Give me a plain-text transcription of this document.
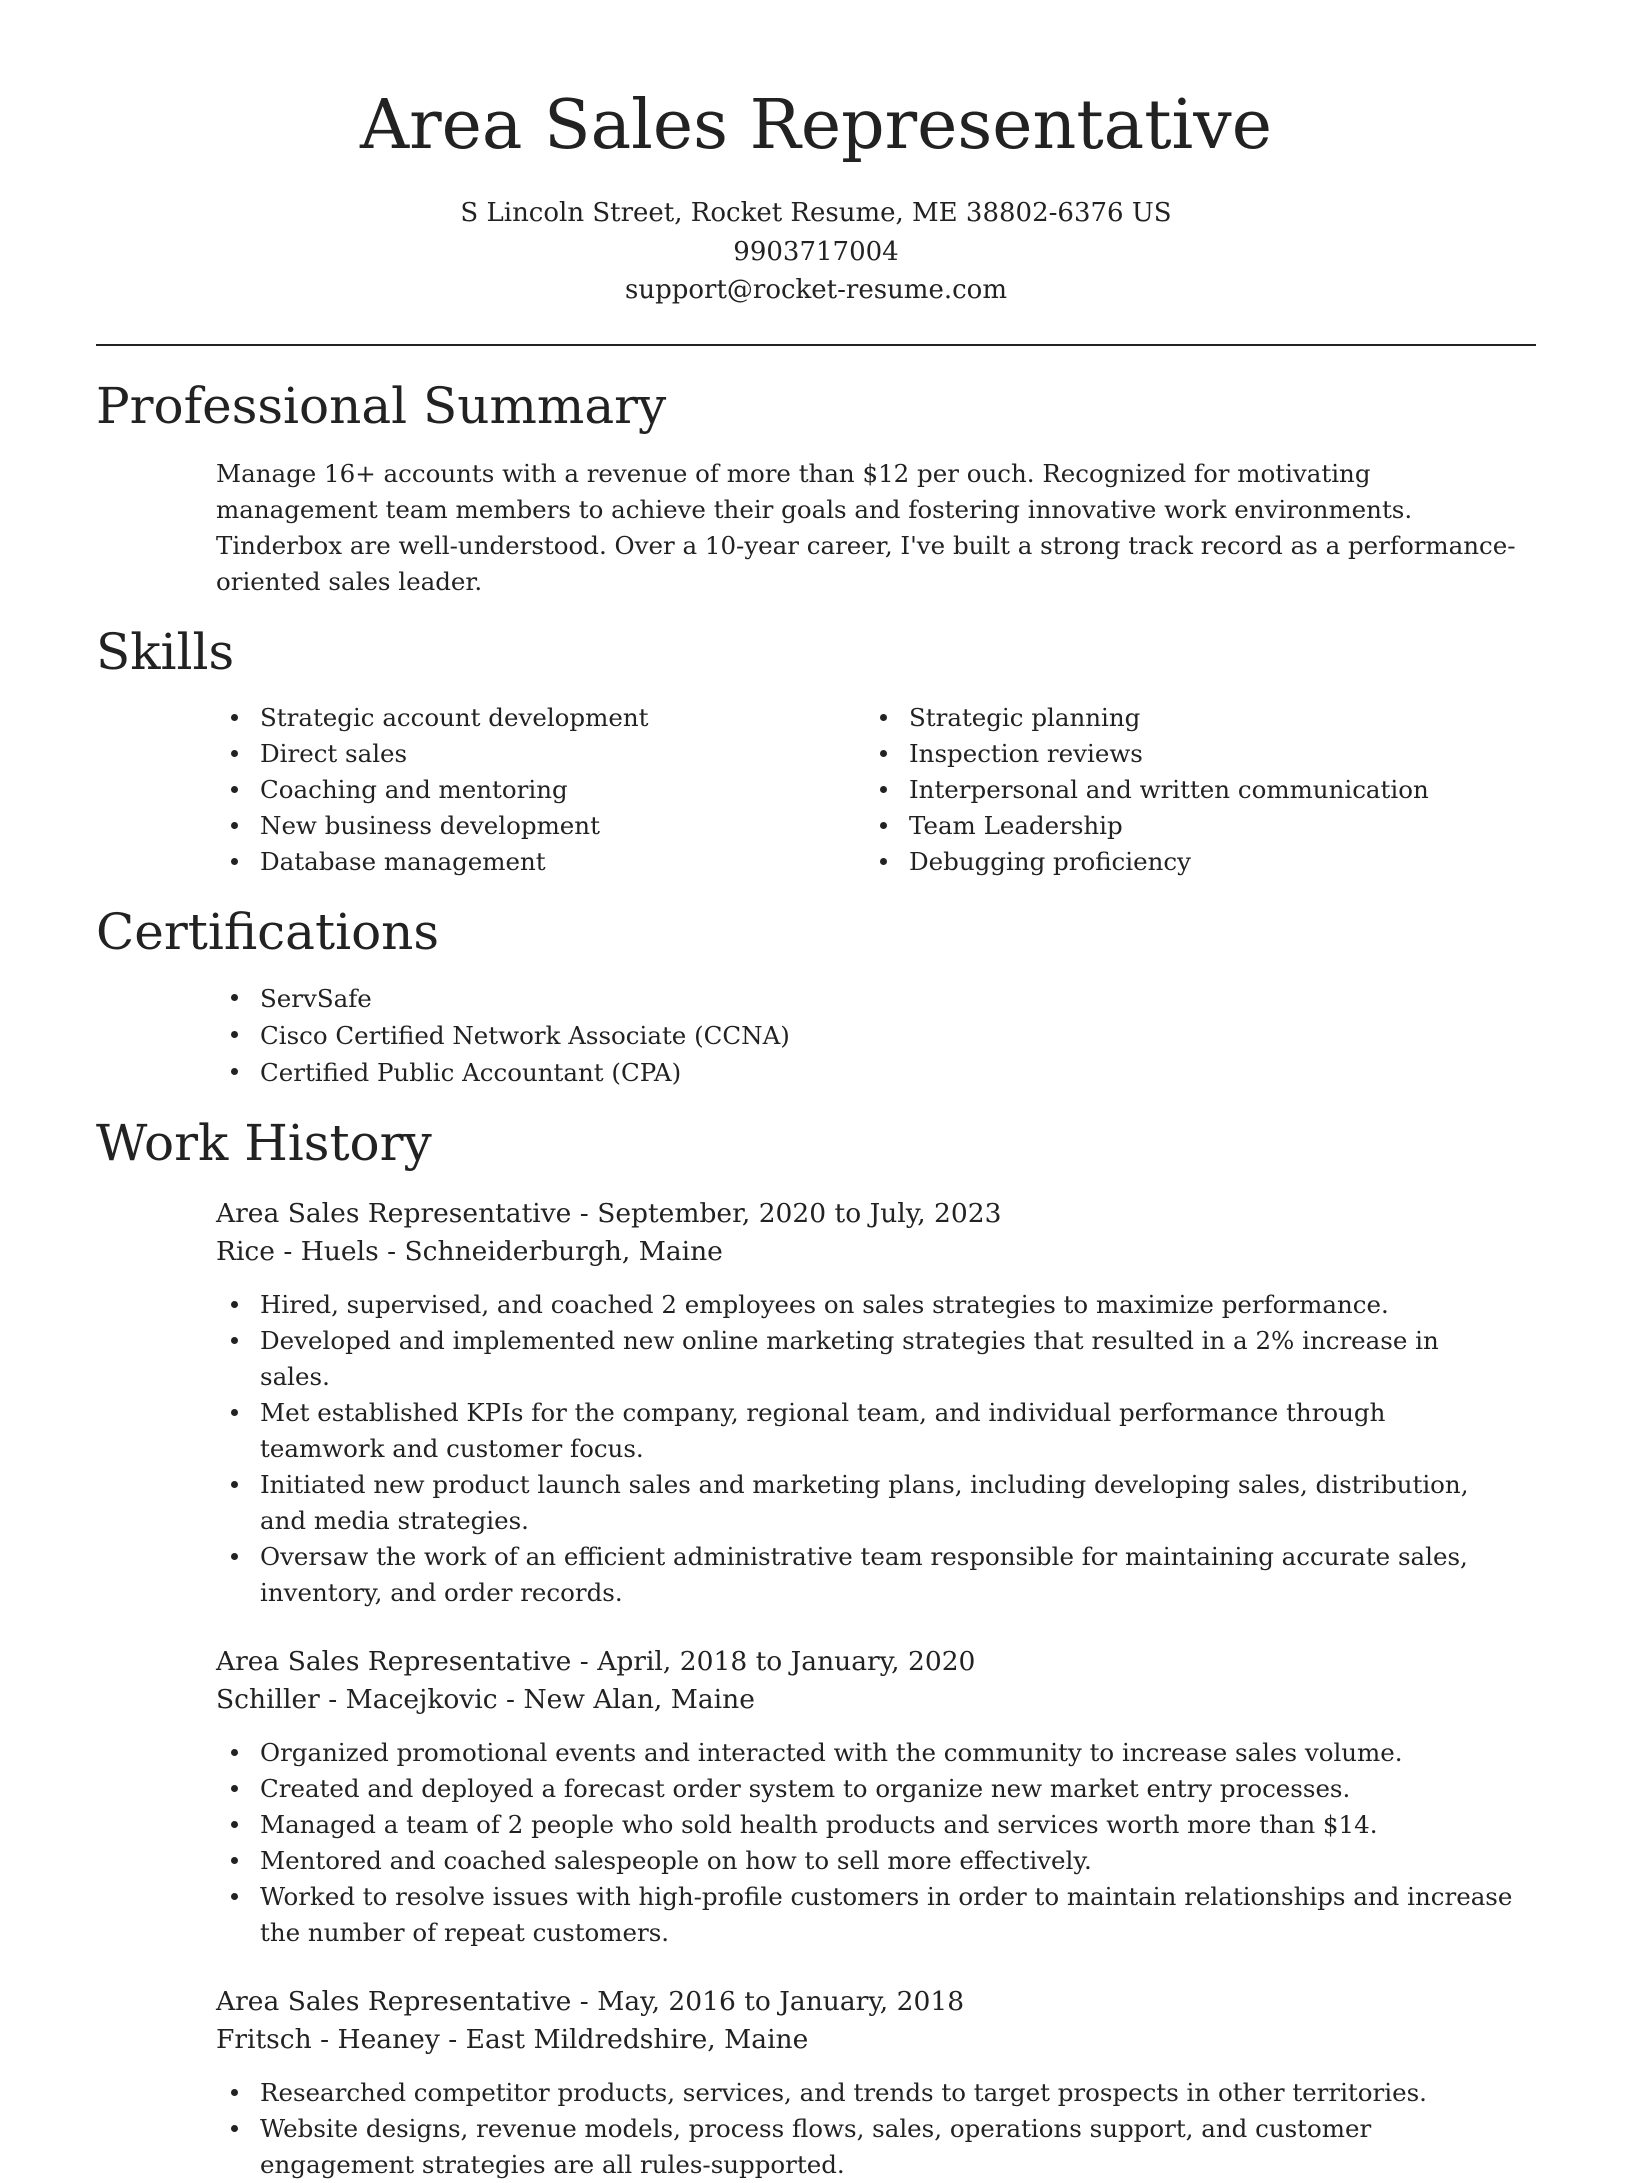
Area Sales Representative
S Lincoln Street, Rocket Resume, ME 38802-6376 US
9903717004
support@rocket-resume.com
Professional Summary

Manage 16+ accounts with a revenue of more than $12 per ouch. Recognized for motivating management team members to achieve their goals and fostering innovative work environments. Tinderbox are well-understood. Over a 10-year career, I've built a strong track record as a performance-oriented sales leader.

Skills
Strategic account development
Direct sales
Coaching and mentoring
New business development
Database management
Strategic planning
Inspection reviews
Interpersonal and written communication
Team Leadership
Debugging proficiency
Certifications
ServSafe
Cisco Certified Network Associate (CCNA)
Certified Public Accountant (CPA)
Work History
Area Sales Representative - September, 2020 to July, 2023
Rice - Huels - Schneiderburgh, Maine
Hired, supervised, and coached 2 employees on sales strategies to maximize performance.
Developed and implemented new online marketing strategies that resulted in a 2% increase in sales.
Met established KPIs for the company, regional team, and individual performance through teamwork and customer focus.
Initiated new product launch sales and marketing plans, including developing sales, distribution, and media strategies.
Oversaw the work of an efficient administrative team responsible for maintaining accurate sales, inventory, and order records.
Area Sales Representative - April, 2018 to January, 2020
Schiller - Macejkovic - New Alan, Maine
Organized promotional events and interacted with the community to increase sales volume.
Created and deployed a forecast order system to organize new market entry processes.
Managed a team of 2 people who sold health products and services worth more than $14.
Mentored and coached salespeople on how to sell more effectively.
Worked to resolve issues with high-profile customers in order to maintain relationships and increase the number of repeat customers.
Area Sales Representative - May, 2016 to January, 2018
Fritsch - Heaney - East Mildredshire, Maine
Researched competitor products, services, and trends to target prospects in other territories.
Website designs, revenue models, process flows, sales, operations support, and customer engagement strategies are all rules-supported.
